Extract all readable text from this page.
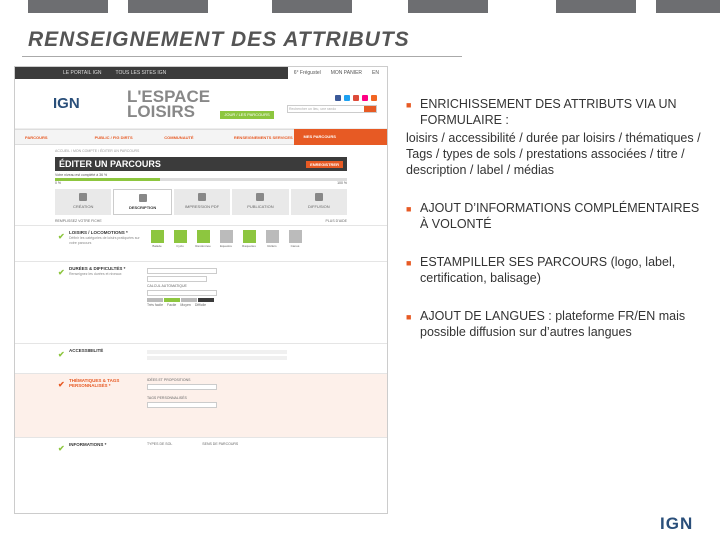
RENSEIGNEMENT DES ATTRIBUTS
LE PORTAIL IGN	TOUS LES SITES IGN	6° Frégustel MON PANIER EN
IGN	L'ESPACE
LOISIRS	Rechercher un lieu, une rando
JOUR / LES PARCOURS
PARCOURS	PUBLIC / FIG DIRTS	COMMUNAUTÉ	RENSEIGNEMENTS SERVICES	MES PARCOURS
ACCUEIL / MON COMPTE / ÉDITER UN PARCOURS
ÉDITER UN PARCOURS	ENREGISTRER
Votre niveau est complété à 36 %
0 %	100 %
CRÉATION	DESCRIPTION	IMPRESSION PDF	PUBLICATION	DIFFUSION
REMPLISSEZ VOTRE FICHE	PLUS D'AIDE
✔ LOISIRS / LOCOMOTIONS *
Définir les catégories de loisirs pratiquées sur votre parcours
Balade	Cyclo	Randonnée	Equestre	Raquettes	Rollers	Canoé
✔ DURÉES & DIFFICULTÉS *
Renseignez les durées et niveaux
CALCUL AUTOMATIQUE
Très facile Facile Moyen Difficile
✔ ACCESSIBILITÉ
✔ THÉMATIQUES & TAGS PERSONNALISÉS *
IDÉES ET PROPOSITIONS
TAGS PERSONNALISÉS
✔ INFORMATIONS *	TYPES DE SOL	SENS DE PARCOURS
■ ENRICHISSEMENT DES ATTRIBUTS VIA UN FORMULAIRE :
loisirs / accessibilité / durée par loisirs / thématiques / Tags / types de sols / prestations associées / titre / description / label / médias
■ AJOUT D’INFORMATIONS COMPLÉMENTAIRES À VOLONTÉ
■ ESTAMPILLER SES PARCOURS (logo, label, certification, balisage)
■ AJOUT DE LANGUES : plateforme FR/EN mais possible diffusion sur d’autres langues
IGN
